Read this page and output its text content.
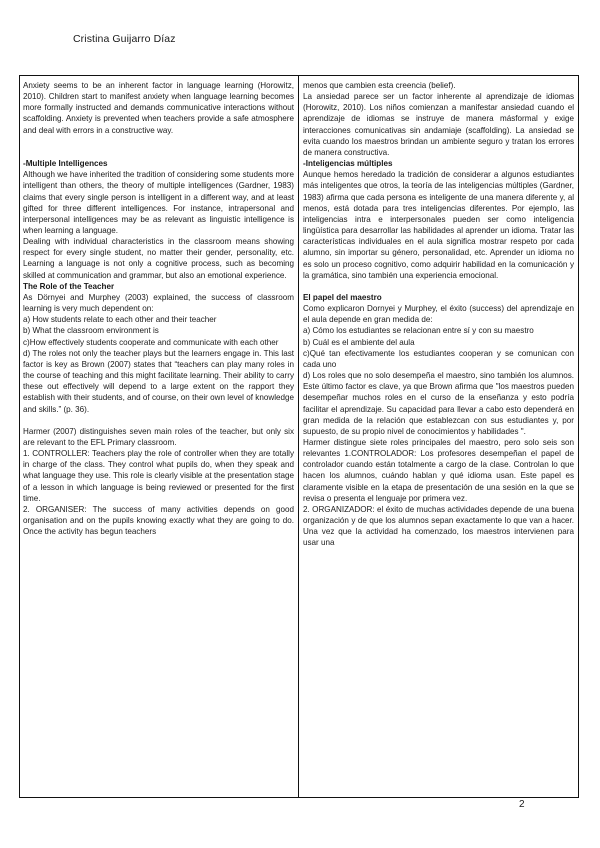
Cristina Guijarro Díaz

Anxiety seems to be an inherent factor in language learning (Horowitz, 2010). Children start to manifest anxiety when language learning becomes more formally instructed and demands communicative interactions without scaffolding. Anxiety is prevented when teachers provide a safe atmosphere and deal with errors in a constructive way.

-Multiple Intelligences

Although we have inherited the tradition of considering some students more intelligent than others, the theory of multiple intelligences (Gardner, 1983) claims that every single person is intelligent in a different way, and at least gifted for three different intelligences. For instance, intrapersonal and interpersonal intelligences may be as relevant as linguistic intelligence is when learning a language.

Dealing with individual characteristics in the classroom means showing respect for every single student, no matter their gender, personality, etc. Learning a language is not only a cognitive process, such as becoming skilled at communication and grammar, but also an emotional experience.

The Role of the Teacher

As Dörnyei and Murphey (2003) explained, the success of classroom learning is very much dependent on:

a) How students relate to each other and their teacher

b) What the classroom environment is

c)How effectively students cooperate and communicate with each other

d) The roles not only the teacher plays but the learners engage in. This last factor is key as Brown (2007) states that “teachers can play many roles in the course of teaching and this might facilitate learning. Their ability to carry these out effectively will depend to a large extent on the rapport they establish with their students, and of course, on their own level of knowledge and skills.” (p. 36).

Harmer (2007) distinguishes seven main roles of the teacher, but only six are relevant to the EFL Primary classroom.

1. CONTROLLER: Teachers play the role of controller when they are totally in charge of the class. They control what pupils do, when they speak and what language they use. This role is clearly visible at the presentation stage of a lesson in which language is being reviewed or presented for the first time.

2. ORGANISER: The success of many activities depends on good organisation and on the pupils knowing exactly what they are going to do. Once the activity has begun teachers

menos que cambien esta creencia (belief).

La ansiedad parece ser un factor inherente al aprendizaje de idiomas (Horowitz, 2010). Los niños comienzan a manifestar ansiedad cuando el aprendizaje de idiomas se instruye de manera másformal y exige interacciones comunicativas sin andamiaje (scaffolding). La ansiedad se evita cuando los maestros brindan un ambiente seguro y tratan los errores de manera constructiva.

-Inteligencias múltiples

Aunque hemos heredado la tradición de considerar a algunos estudiantes más inteligentes que otros, la teoría de las inteligencias múltiples (Gardner, 1983) afirma que cada persona es inteligente de una manera diferente y, al menos, está dotada para tres inteligencias diferentes. Por ejemplo, las inteligencias intra e interpersonales pueden ser como inteligencia lingüística para desarrollar las habilidades al aprender un idioma. Tratar las características individuales en el aula significa mostrar respeto por cada alumno, sin importar su género, personalidad, etc. Aprender un idioma no es solo un proceso cognitivo, como adquirir habilidad en la comunicación y la gramática, sino también una experiencia emocional.

El papel del maestro

Como explicaron Dornyei y Murphey, el éxito (success) del aprendizaje en el aula depende en gran medida de:

a) Cómo los estudiantes se relacionan entre sí y con su maestro

b) Cuál es el ambiente del aula

c)Qué tan efectivamente los estudiantes cooperan y se comunican con cada uno

d) Los roles que no solo desempeña el maestro, sino también los alumnos. Este último factor es clave, ya que Brown afirma que "los maestros pueden desempeñar muchos roles en el curso de la enseñanza y esto podría facilitar el aprendizaje. Su capacidad para llevar a cabo esto dependerá en gran medida de la relación que establezcan con sus estudiantes y, por supuesto, de su propio nivel de conocimientos y habilidades ".

Harmer distingue siete roles principales del maestro, pero solo seis son relevantes 1.CONTROLADOR: Los profesores desempeñan el papel de controlador cuando están totalmente a cargo de la clase. Controlan lo que hacen los alumnos, cuándo hablan y qué idioma usan. Este papel es claramente visible en la etapa de presentación de una sesión en la que se revisa o presenta el lenguaje por primera vez.

2. ORGANIZADOR: el éxito de muchas actividades depende de una buena organización y de que los alumnos sepan exactamente lo que van a hacer. Una vez que la actividad ha comenzado, los maestros intervienen para usar una

2
